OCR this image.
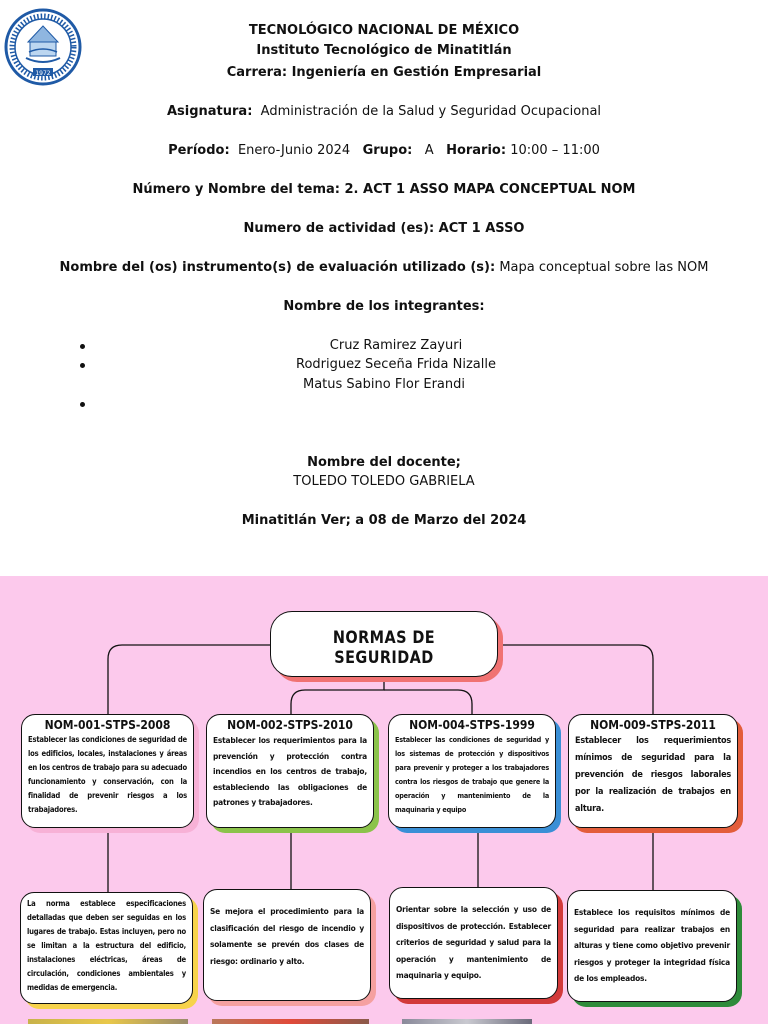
1972
TECNOLÓGICO NACIONAL DE MÉXICO
Instituto Tecnológico de Minatitlán
Carrera: Ingeniería en Gestión Empresarial
Asignatura: Administración de la Salud y Seguridad Ocupacional
Período: Enero-Junio 2024 Grupo: A Horario: 10:00 – 11:00
Número y Nombre del tema: 2. ACT 1 ASSO MAPA CONCEPTUAL NOM
Numero de actividad (es): ACT 1 ASSO
Nombre del (os) instrumento(s) de evaluación utilizado (s): Mapa conceptual sobre las NOM
Nombre de los integrantes:
Cruz Ramirez Zayuri
Rodriguez Seceña Frida Nizalle
Matus Sabino Flor Erandi
Nombre del docente;
TOLEDO TOLEDO GABRIELA
Minatitlán Ver; a 08 de Marzo del 2024
NORMAS DE SEGURIDAD
NOM-001-STPS-2008
Establecer las condiciones de seguridad de los edificios, locales, instalaciones y áreas en los centros de trabajo para su adecuado funcionamiento y conservación, con la finalidad de prevenir riesgos a los trabajadores.
NOM-002-STPS-2010
Establecer los requerimientos para la prevención y protección contra incendios en los centros de trabajo, estableciendo las obligaciones de patrones y trabajadores.
NOM-004-STPS-1999
Establecer las condiciones de seguridad y los sistemas de protección y dispositivos para prevenir y proteger a los trabajadores contra los riesgos de trabajo que genere la operación y mantenimiento de la maquinaria y equipo
NOM-009-STPS-2011
Establecer los requerimientos mínimos de seguridad para la prevención de riesgos laborales por la realización de trabajos en altura.
La norma establece especificaciones detalladas que deben ser seguidas en los lugares de trabajo. Estas incluyen, pero no se limitan a la estructura del edificio, instalaciones eléctricas, áreas de circulación, condiciones ambientales y medidas de emergencia.
Se mejora el procedimiento para la clasificación del riesgo de incendio y solamente se prevén dos clases de riesgo: ordinario y alto.
Orientar sobre la selección y uso de dispositivos de protección. Establecer criterios de seguridad y salud para la operación y mantenimiento de maquinaria y equipo.
Establece los requisitos mínimos de seguridad para realizar trabajos en alturas y tiene como objetivo prevenir riesgos y proteger la integridad física de los empleados.
